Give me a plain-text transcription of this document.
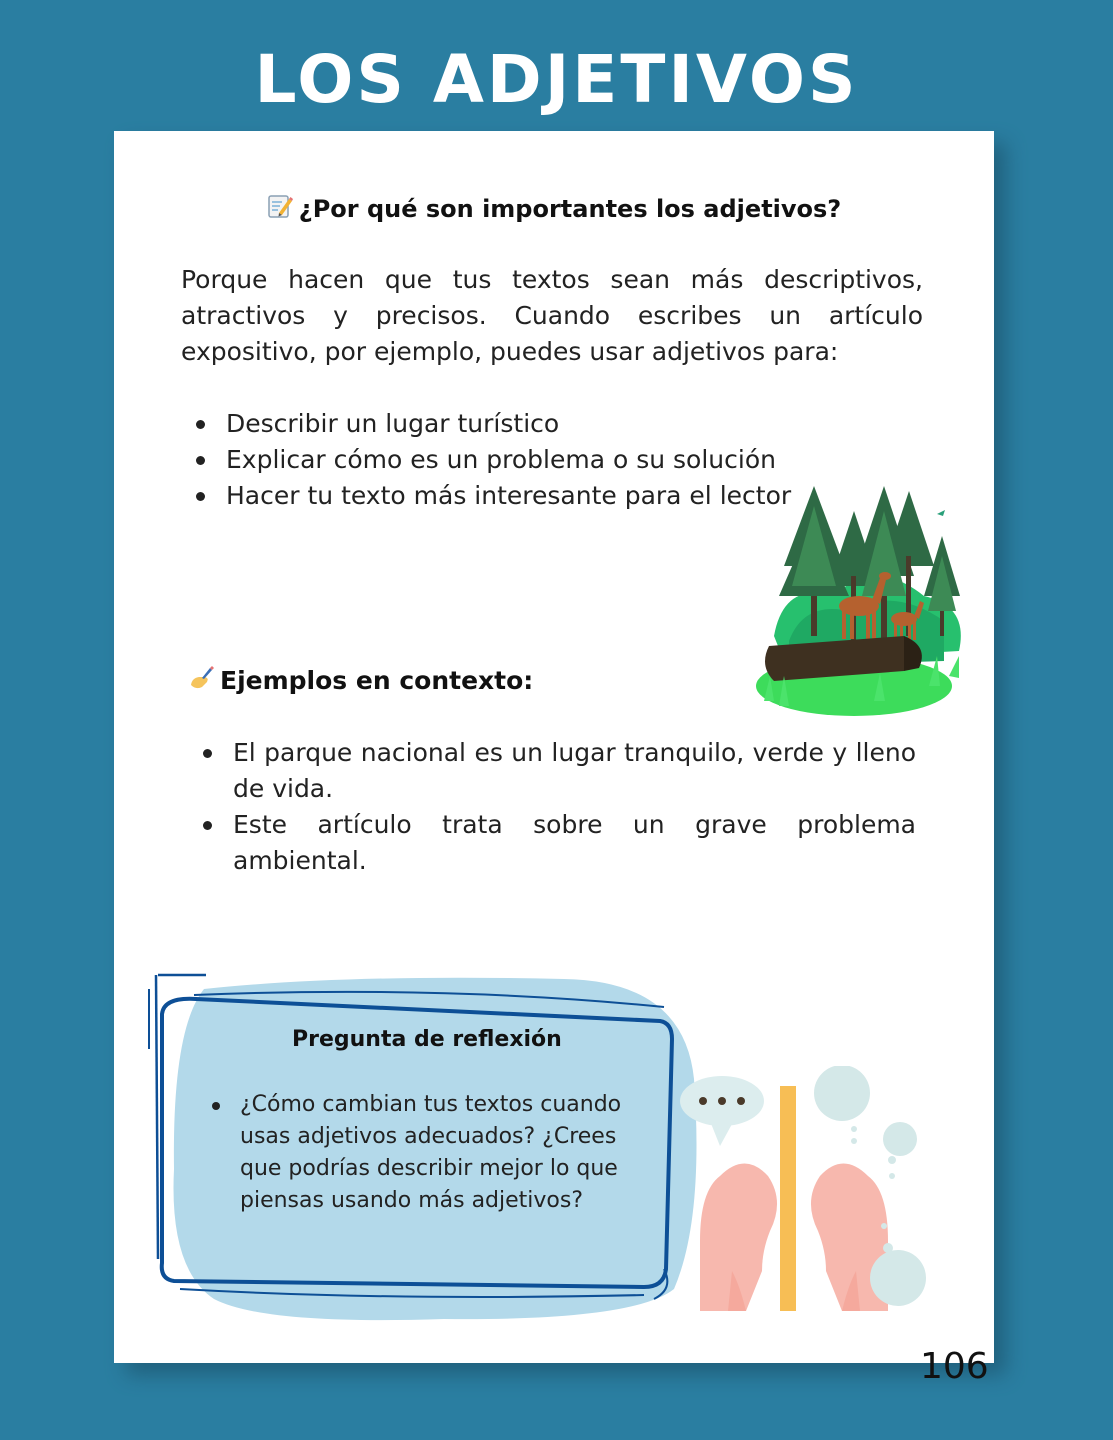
LOS ADJETIVOS
¿Por qué son importantes los adjetivos?

Porque hacen que tus textos sean más descriptivos, atractivos y precisos. Cuando escribes un artículo expositivo, por ejemplo, puedes usar adjetivos para:

Describir un lugar turístico
Explicar cómo es un problema o su solución
Hacer tu texto más interesante para el lector
Ejemplos en contexto:
El parque nacional es un lugar tranquilo, verde y lleno de vida.
Este artículo trata sobre un grave problema ambiental.
Pregunta de reflexión
¿Cómo cambian tus textos cuando usas adjetivos adecuados? ¿Crees que podrías describir mejor lo que piensas usando más adjetivos?
106
